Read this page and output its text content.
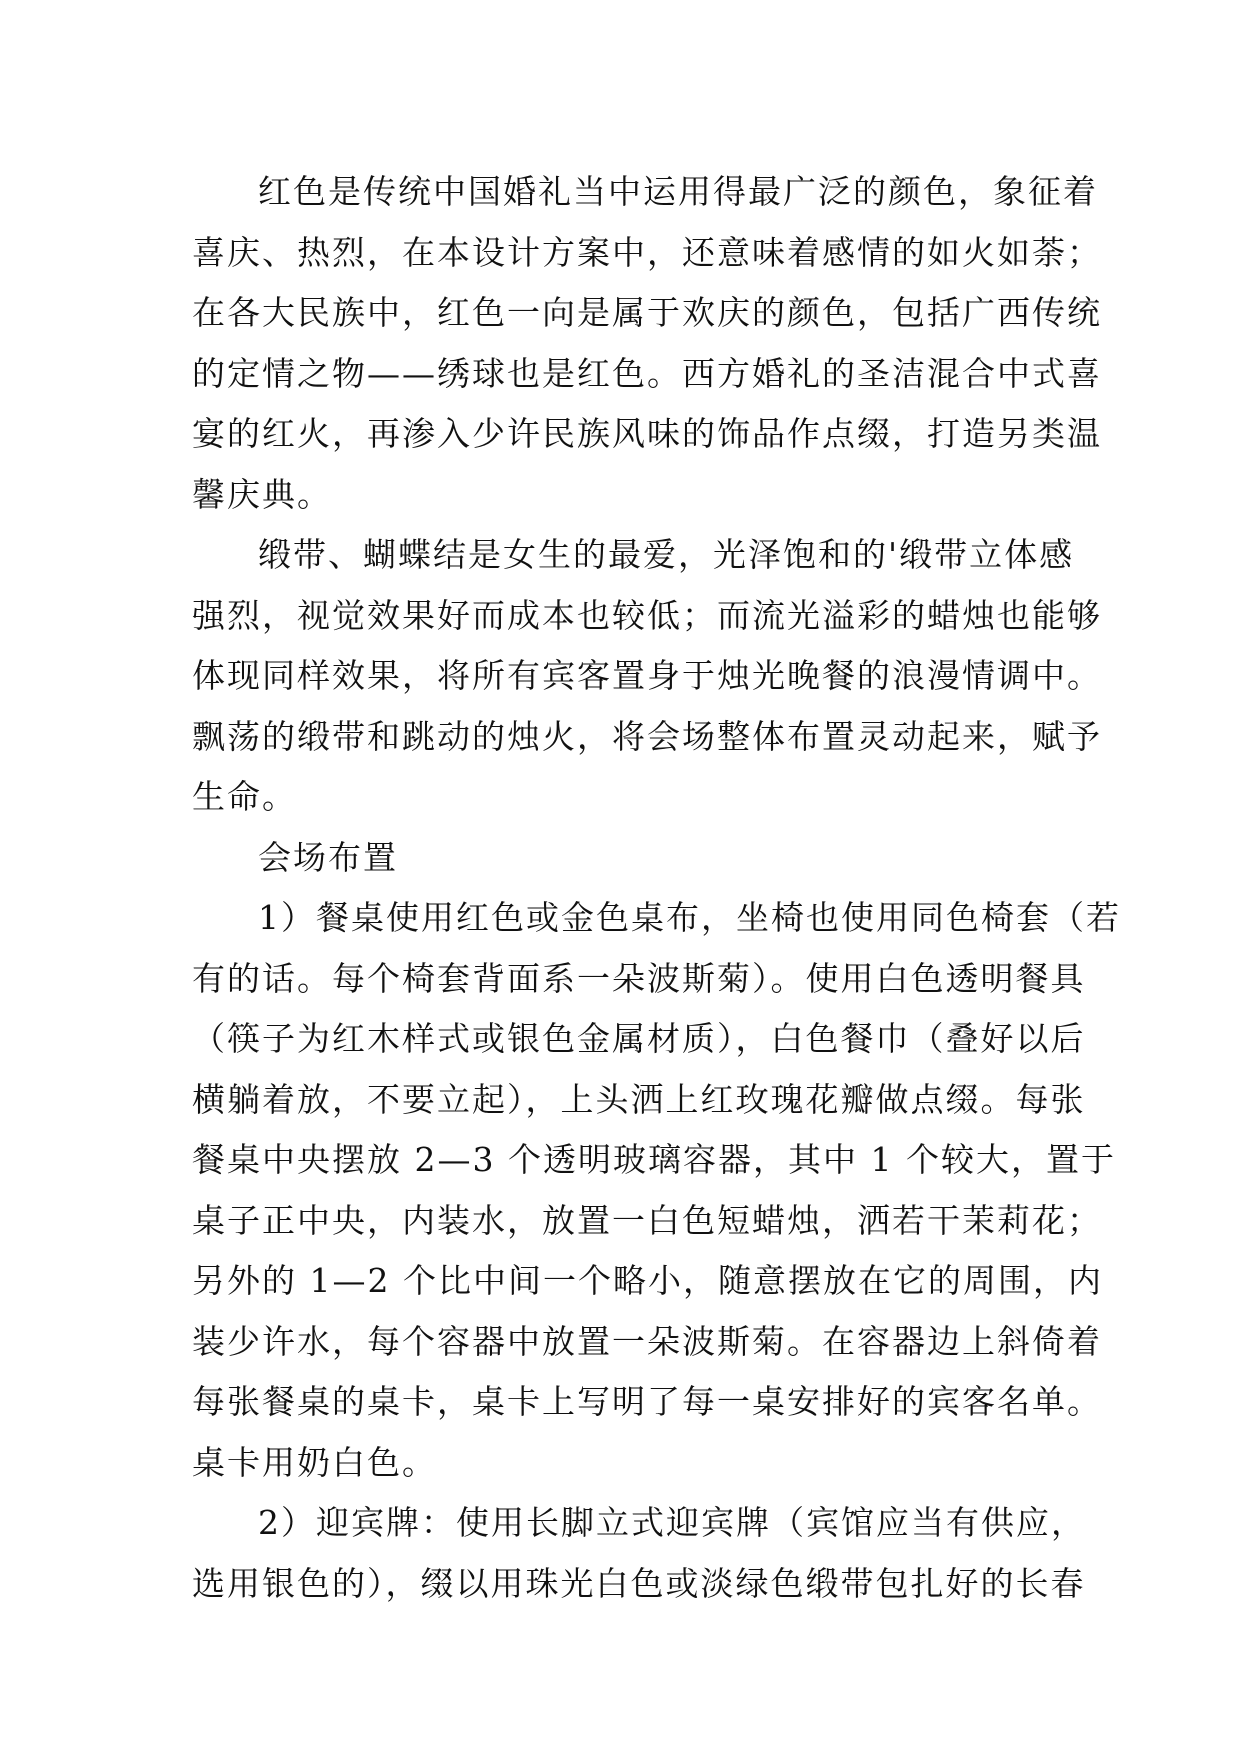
红色是传统中国婚礼当中运用得最广泛的颜色，象征着
喜庆、热烈，在本设计方案中，还意味着感情的如火如荼；
在各大民族中，红色一向是属于欢庆的颜色，包括广西传统
的定情之物——绣球也是红色。西方婚礼的圣洁混合中式喜
宴的红火，再渗入少许民族风味的饰品作点缀，打造另类温
馨庆典。
缎带、蝴蝶结是女生的最爱，光泽饱和的'缎带立体感
强烈，视觉效果好而成本也较低；而流光溢彩的蜡烛也能够
体现同样效果，将所有宾客置身于烛光晚餐的浪漫情调中。
飘荡的缎带和跳动的烛火，将会场整体布置灵动起来，赋予
生命。
会场布置
1）餐桌使用红色或金色桌布，坐椅也使用同色椅套（若
有的话。每个椅套背面系一朵波斯菊）。使用白色透明餐具
（筷子为红木样式或银色金属材质），白色餐巾（叠好以后
横躺着放，不要立起），上头洒上红玫瑰花瓣做点缀。每张
餐桌中央摆放 2—3 个透明玻璃容器，其中 1 个较大，置于
桌子正中央，内装水，放置一白色短蜡烛，洒若干茉莉花；
另外的 1—2 个比中间一个略小，随意摆放在它的周围，内
装少许水，每个容器中放置一朵波斯菊。在容器边上斜倚着
每张餐桌的桌卡，桌卡上写明了每一桌安排好的宾客名单。
桌卡用奶白色。
2）迎宾牌：使用长脚立式迎宾牌（宾馆应当有供应，
选用银色的），缀以用珠光白色或淡绿色缎带包扎好的长春
